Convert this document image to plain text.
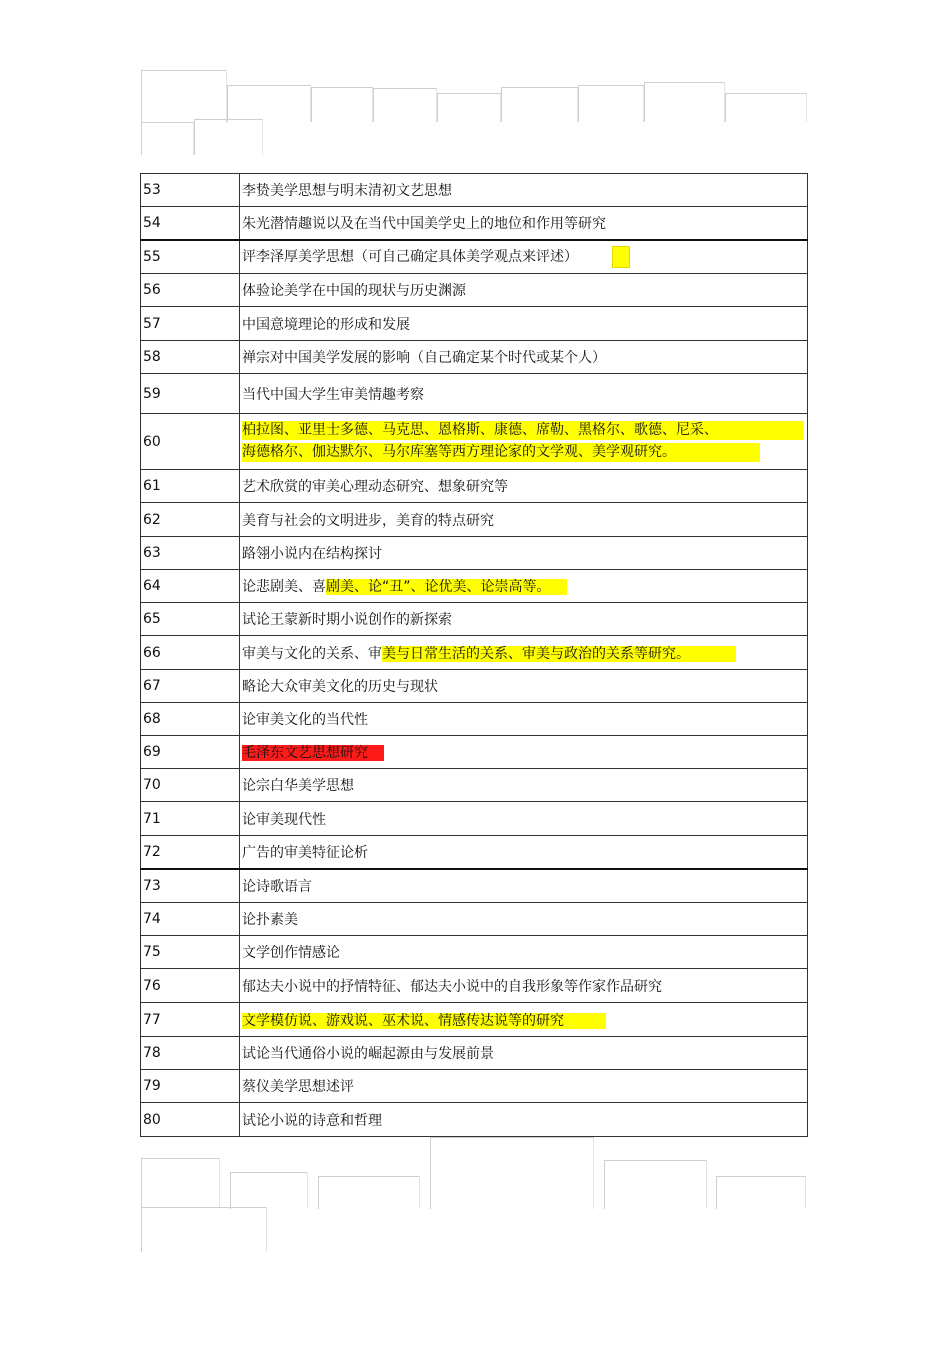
53	李贽美学思想与明末清初文艺思想
54	朱光潜情趣说以及在当代中国美学史上的地位和作用等研究
55	评李泽厚美学思想（可自己确定具体美学观点来评述）
56	体验论美学在中国的现状与历史渊源
57	中国意境理论的形成和发展
58	禅宗对中国美学发展的影响（自己确定某个时代或某个人）
59	当代中国大学生审美情趣考察
60	柏拉图、亚里士多德、马克思、恩格斯、康德、席勒、黑格尔、歌德、尼采、
海德格尔、伽达默尔、马尔库塞等西方理论家的文学观、美学观研究。
61	艺术欣赏的审美心理动态研究、想象研究等
62	美育与社会的文明进步，美育的特点研究
63	路翎小说内在结构探讨
64	论悲剧美、喜剧美、论“丑”、论优美、论崇高等。
65	试论王蒙新时期小说创作的新探索
66	审美与文化的关系、审美与日常生活的关系、审美与政治的关系等研究。
67	略论大众审美文化的历史与现状
68	论审美文化的当代性
69	毛泽东文艺思想研究
70	论宗白华美学思想
71	论审美现代性
72	广告的审美特征论析
73	论诗歌语言
74	论扑素美
75	文学创作情感论
76	郁达夫小说中的抒情特征、郁达夫小说中的自我形象等作家作品研究
77	文学模仿说、游戏说、巫术说、情感传达说等的研究
78	试论当代通俗小说的崛起源由与发展前景
79	蔡仪美学思想述评
80	试论小说的诗意和哲理
